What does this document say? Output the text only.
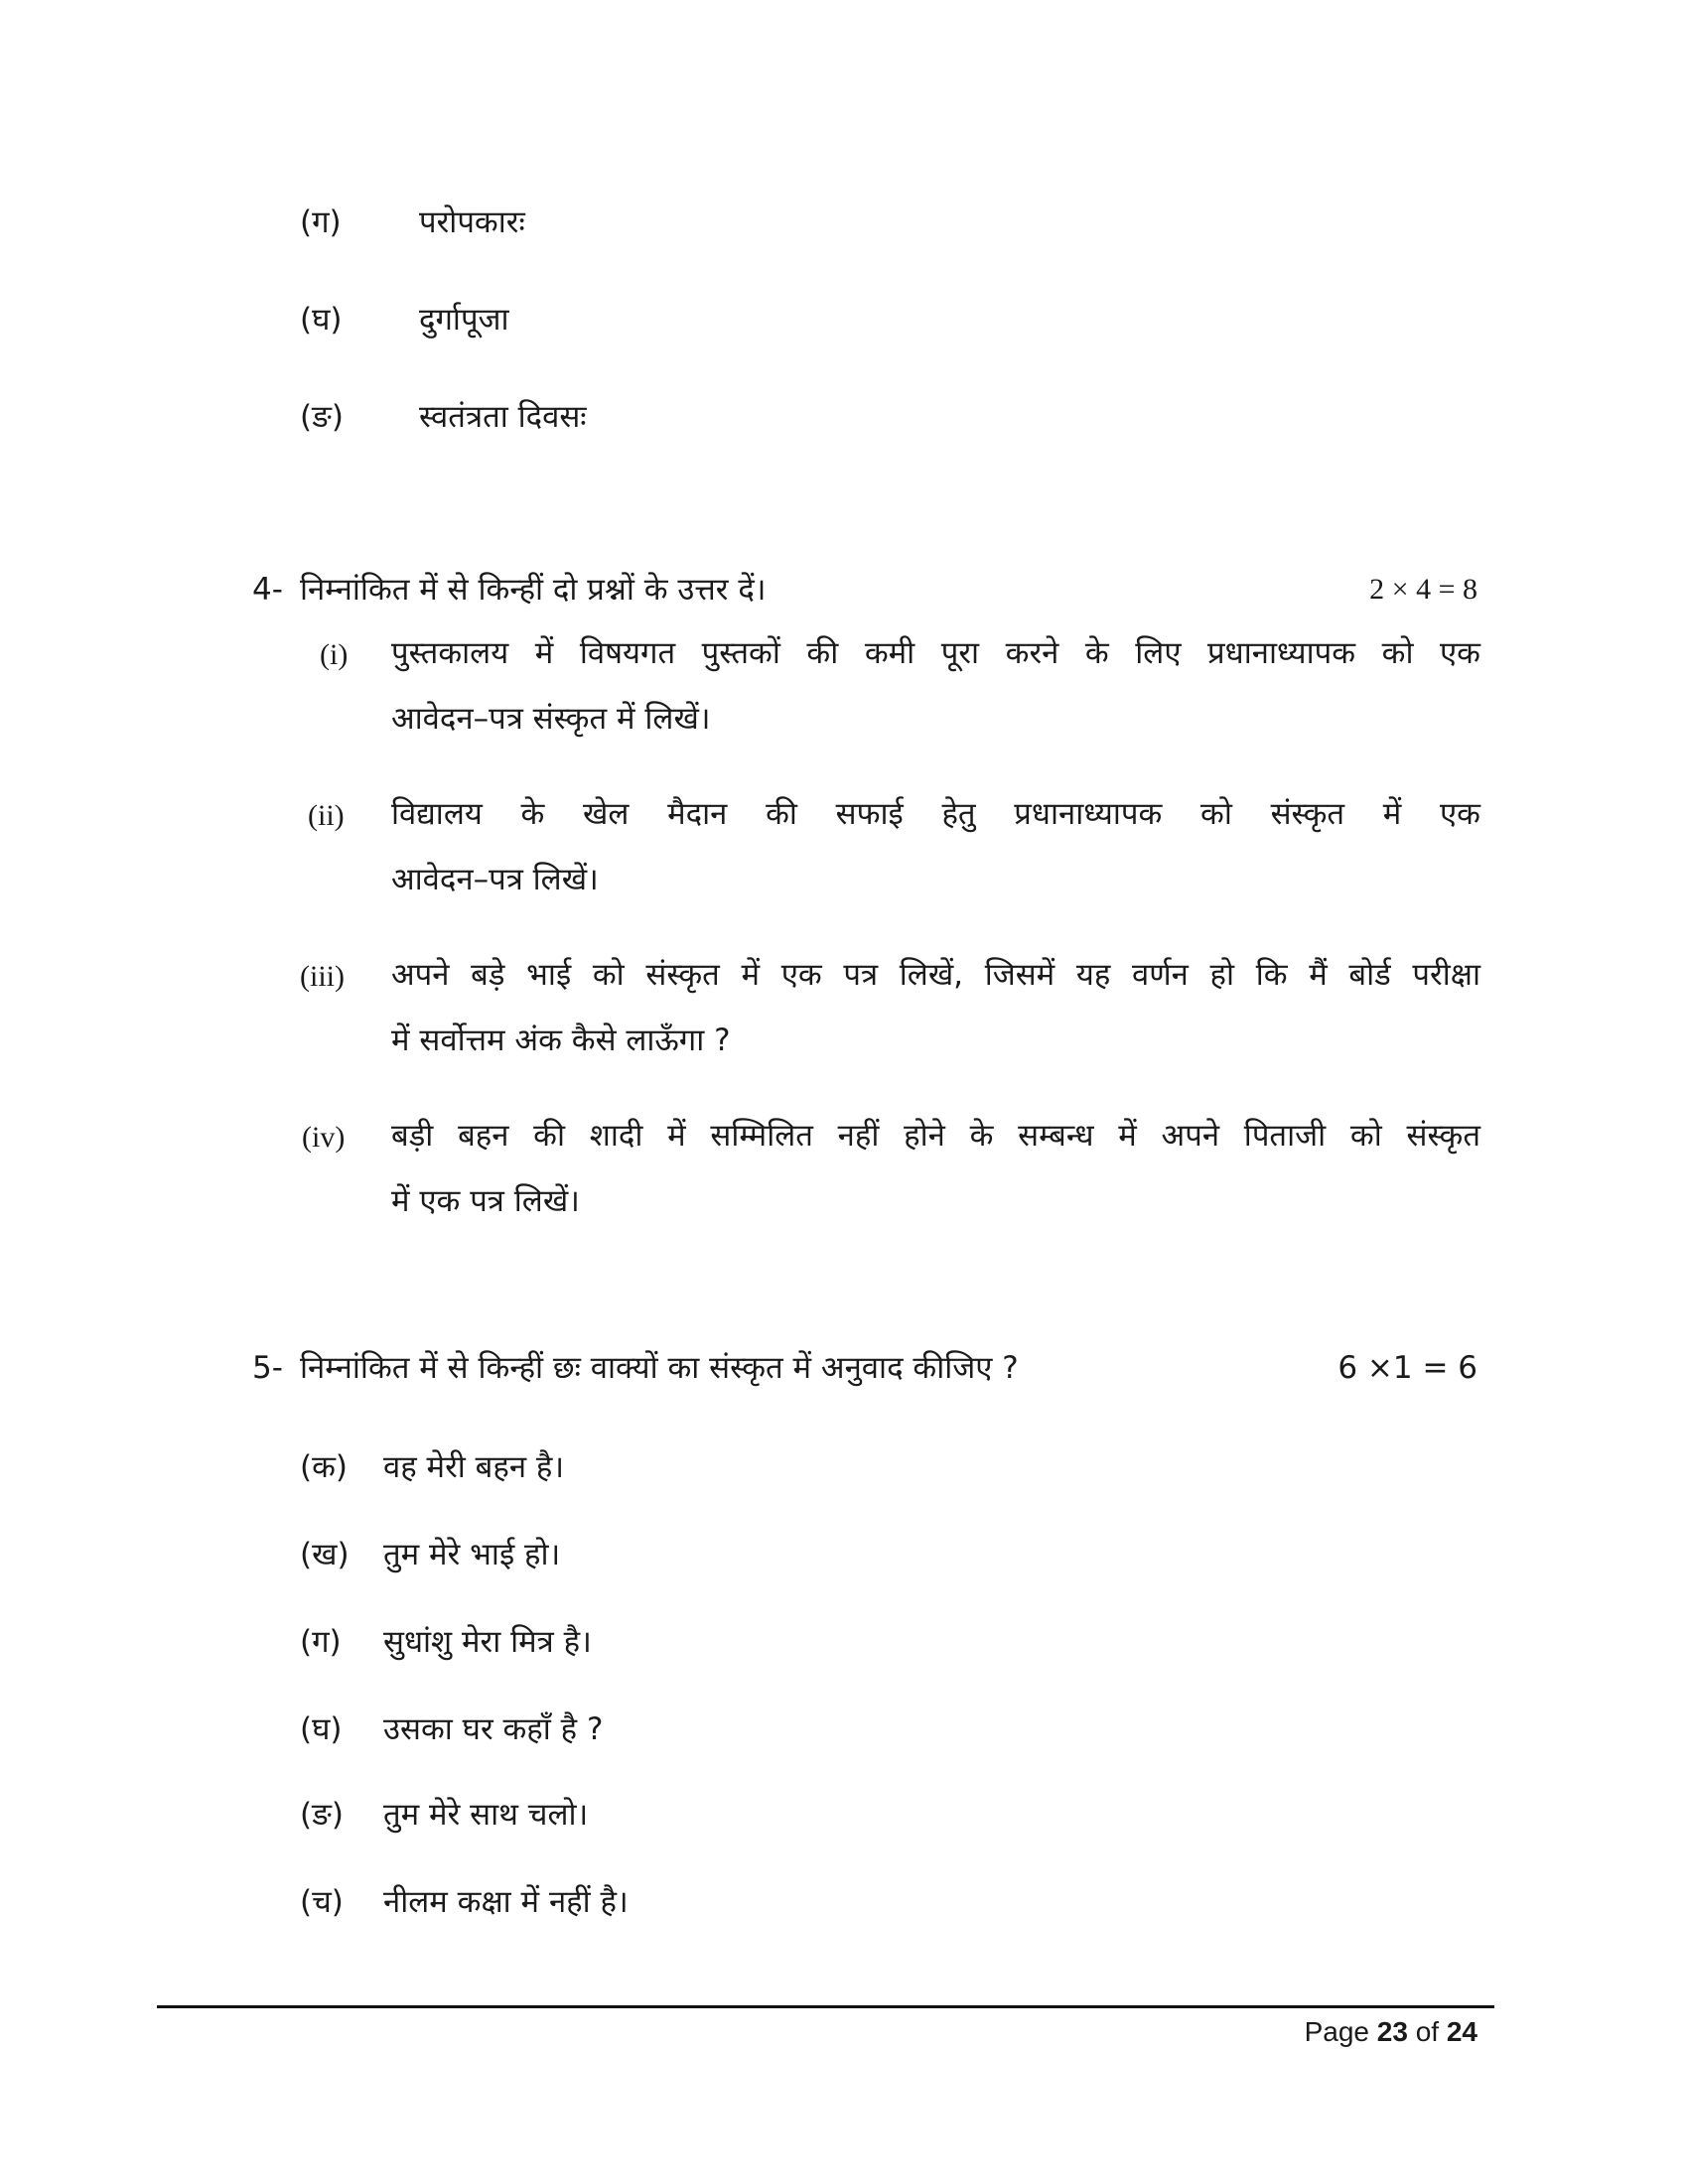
(ग)	परोपकारः
(घ) दुर्गापूजा
(ङ) स्वतंत्रता दिवसः
4- निम्नांकित में से किन्हीं दो प्रश्नों के उत्तर दें।	2 × 4 = 8
(i) पुस्तकालय में विषयगत पुस्तकों की कमी पूरा करने के लिए प्रधानाध्यापक को एक
आवेदन–पत्र संस्कृत में लिखें।
(ii) विद्यालय के खेल मैदान की सफाई हेतु प्रधानाध्यापक को संस्कृत में एक
आवेदन–पत्र लिखें।
(iii) अपने बड़े भाई को संस्कृत में एक पत्र लिखें, जिसमें यह वर्णन हो कि मैं बोर्ड परीक्षा
में सर्वोत्तम अंक कैसे लाऊँगा ?
(iv) बड़ी बहन की शादी में सम्मिलित नहीं होने के सम्बन्ध में अपने पिताजी को संस्कृत
में एक पत्र लिखें।
5- निम्नांकित में से किन्हीं छः वाक्यों का संस्कृत में अनुवाद कीजिए ?	6 ×1 = 6
(क) वह मेरी बहन है।
(ख) तुम मेरे भाई हो।
(ग) सुधांशु मेरा मित्र है।
(घ) उसका घर कहाँ है ?
(ङ) तुम मेरे साथ चलो।
(च) नीलम कक्षा में नहीं है।
Page 23 of 24
